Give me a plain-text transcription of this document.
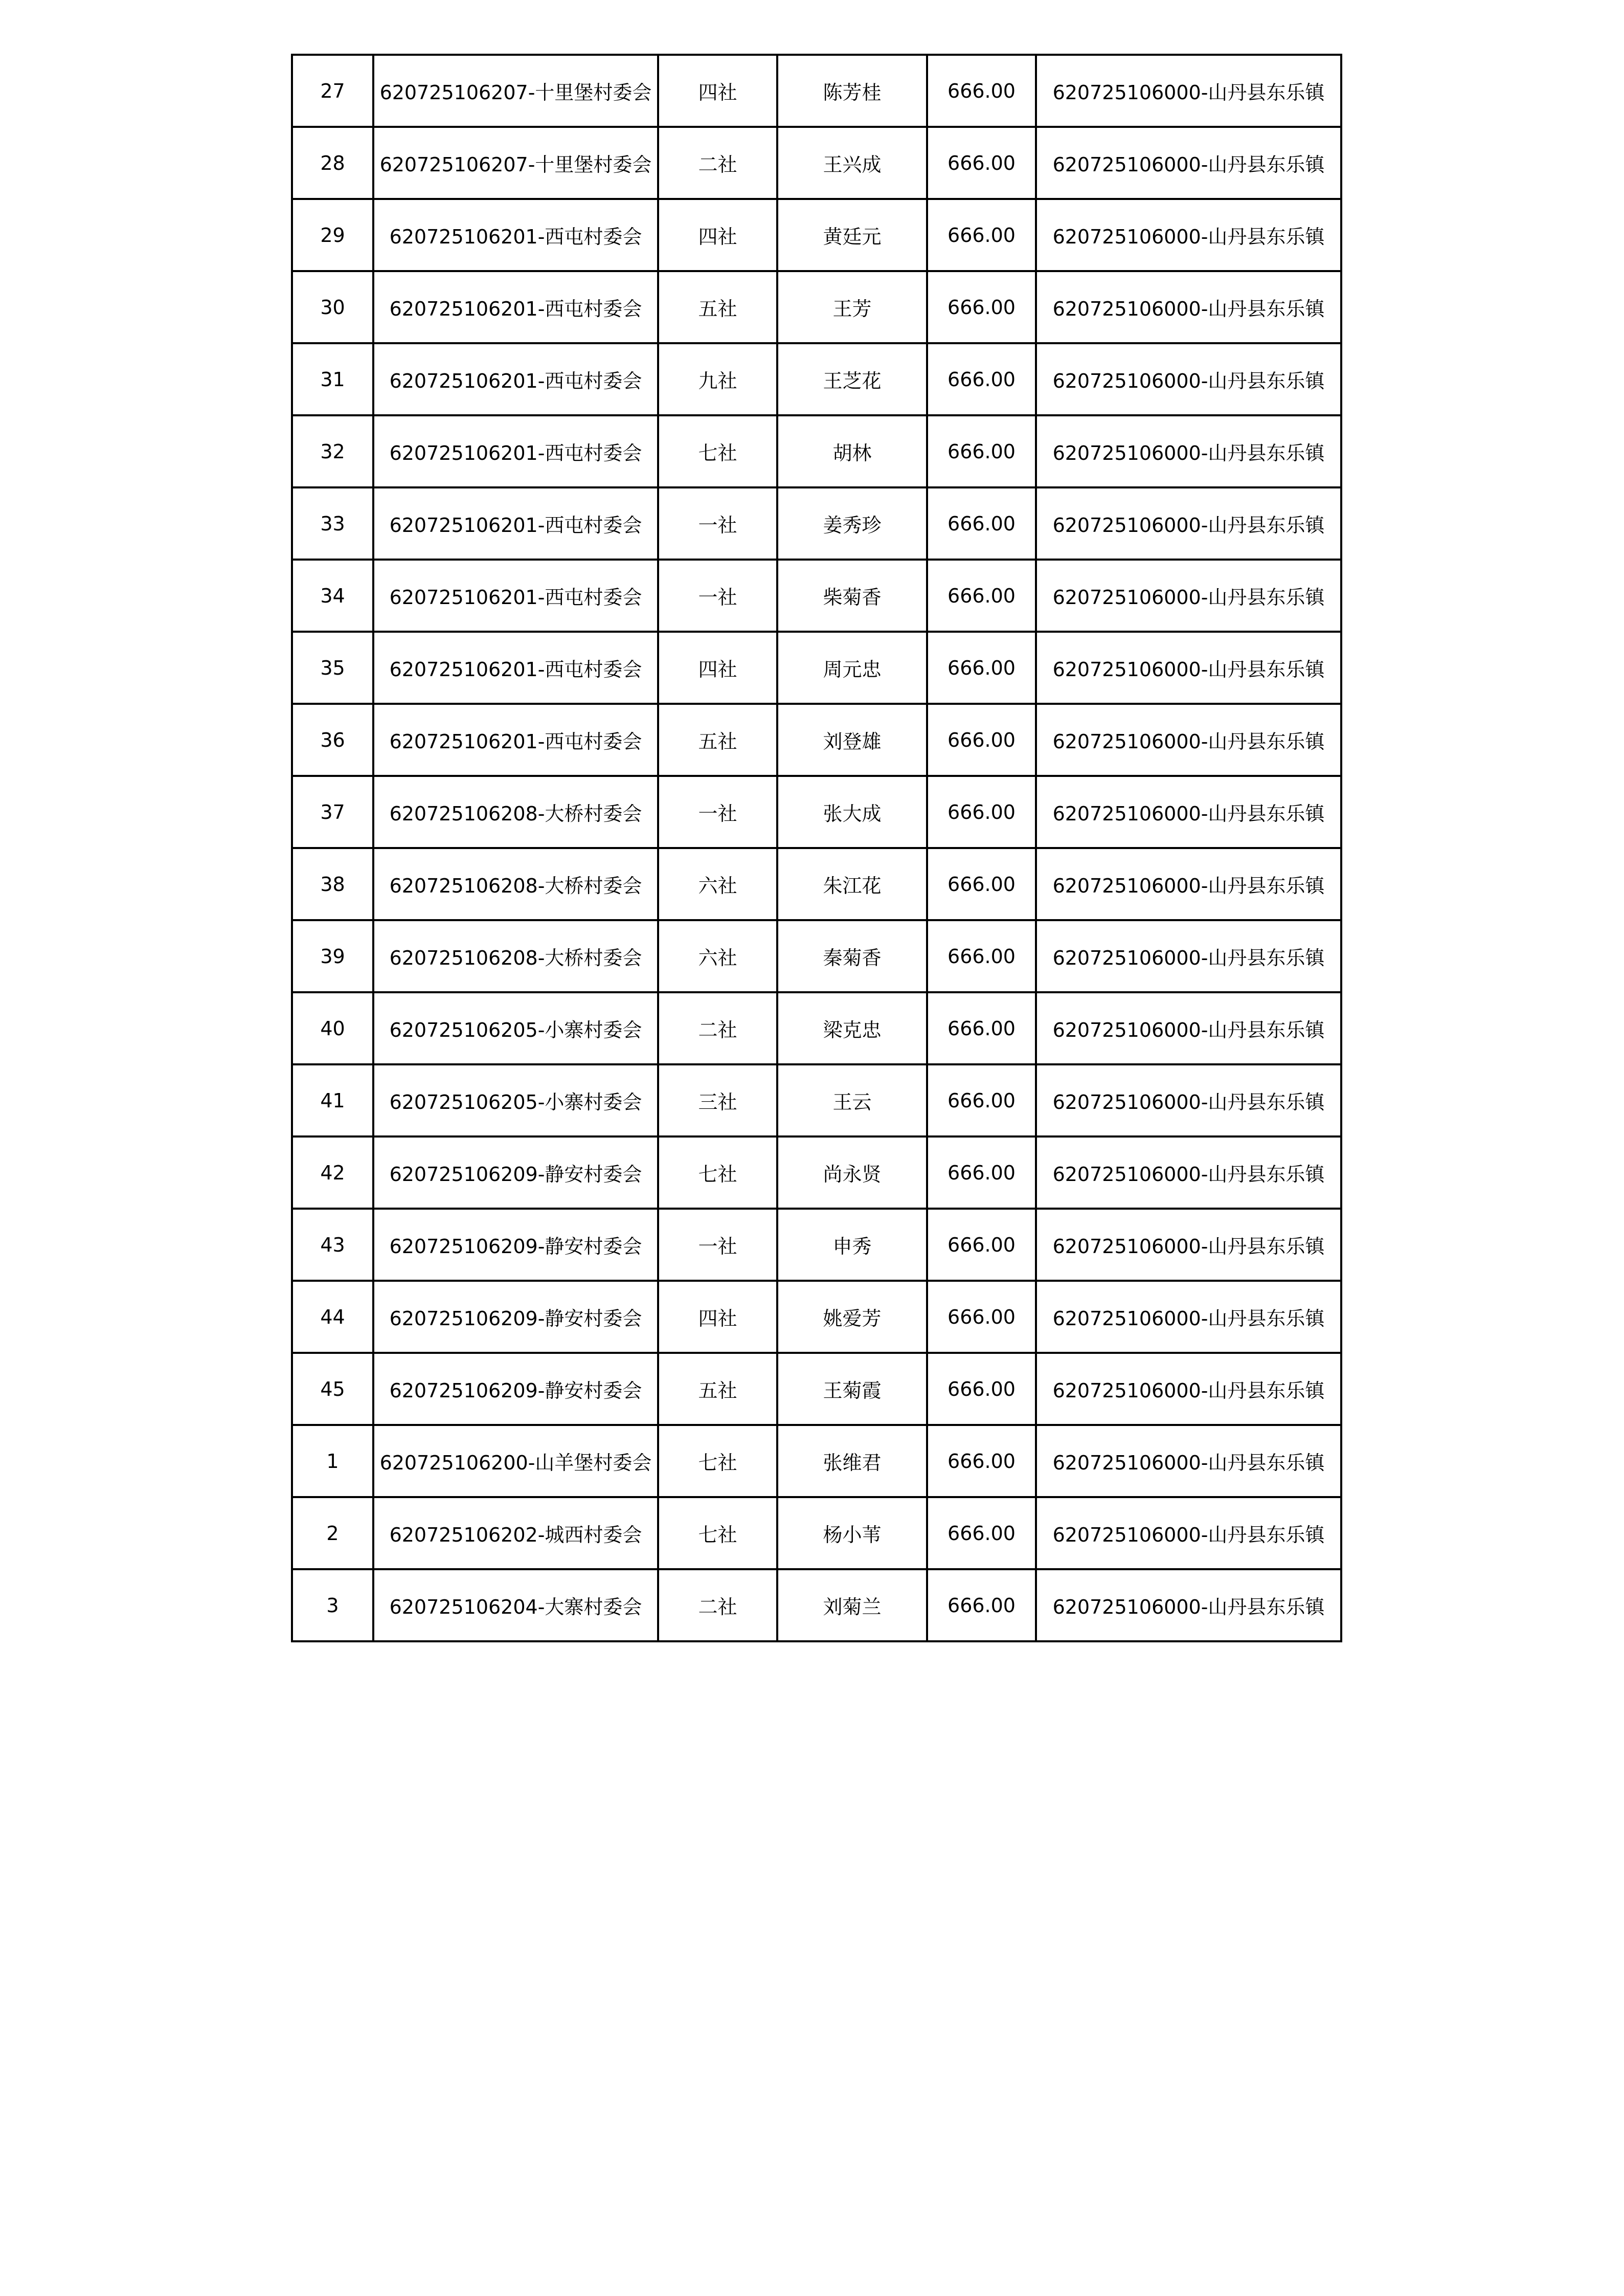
27	620725106207-十里堡村委会	四社	陈芳桂	666.00	620725106000-山丹县东乐镇
28	620725106207-十里堡村委会	二社	王兴成	666.00	620725106000-山丹县东乐镇
29	620725106201-西屯村委会	四社	黄廷元	666.00	620725106000-山丹县东乐镇
30	620725106201-西屯村委会	五社	王芳	666.00	620725106000-山丹县东乐镇
31	620725106201-西屯村委会	九社	王芝花	666.00	620725106000-山丹县东乐镇
32	620725106201-西屯村委会	七社	胡林	666.00	620725106000-山丹县东乐镇
33	620725106201-西屯村委会	一社	姜秀珍	666.00	620725106000-山丹县东乐镇
34	620725106201-西屯村委会	一社	柴菊香	666.00	620725106000-山丹县东乐镇
35	620725106201-西屯村委会	四社	周元忠	666.00	620725106000-山丹县东乐镇
36	620725106201-西屯村委会	五社	刘登雄	666.00	620725106000-山丹县东乐镇
37	620725106208-大桥村委会	一社	张大成	666.00	620725106000-山丹县东乐镇
38	620725106208-大桥村委会	六社	朱江花	666.00	620725106000-山丹县东乐镇
39	620725106208-大桥村委会	六社	秦菊香	666.00	620725106000-山丹县东乐镇
40	620725106205-小寨村委会	二社	梁克忠	666.00	620725106000-山丹县东乐镇
41	620725106205-小寨村委会	三社	王云	666.00	620725106000-山丹县东乐镇
42	620725106209-静安村委会	七社	尚永贤	666.00	620725106000-山丹县东乐镇
43	620725106209-静安村委会	一社	申秀	666.00	620725106000-山丹县东乐镇
44	620725106209-静安村委会	四社	姚爱芳	666.00	620725106000-山丹县东乐镇
45	620725106209-静安村委会	五社	王菊霞	666.00	620725106000-山丹县东乐镇
1	620725106200-山羊堡村委会	七社	张维君	666.00	620725106000-山丹县东乐镇
2	620725106202-城西村委会	七社	杨小苇	666.00	620725106000-山丹县东乐镇
3	620725106204-大寨村委会	二社	刘菊兰	666.00	620725106000-山丹县东乐镇
